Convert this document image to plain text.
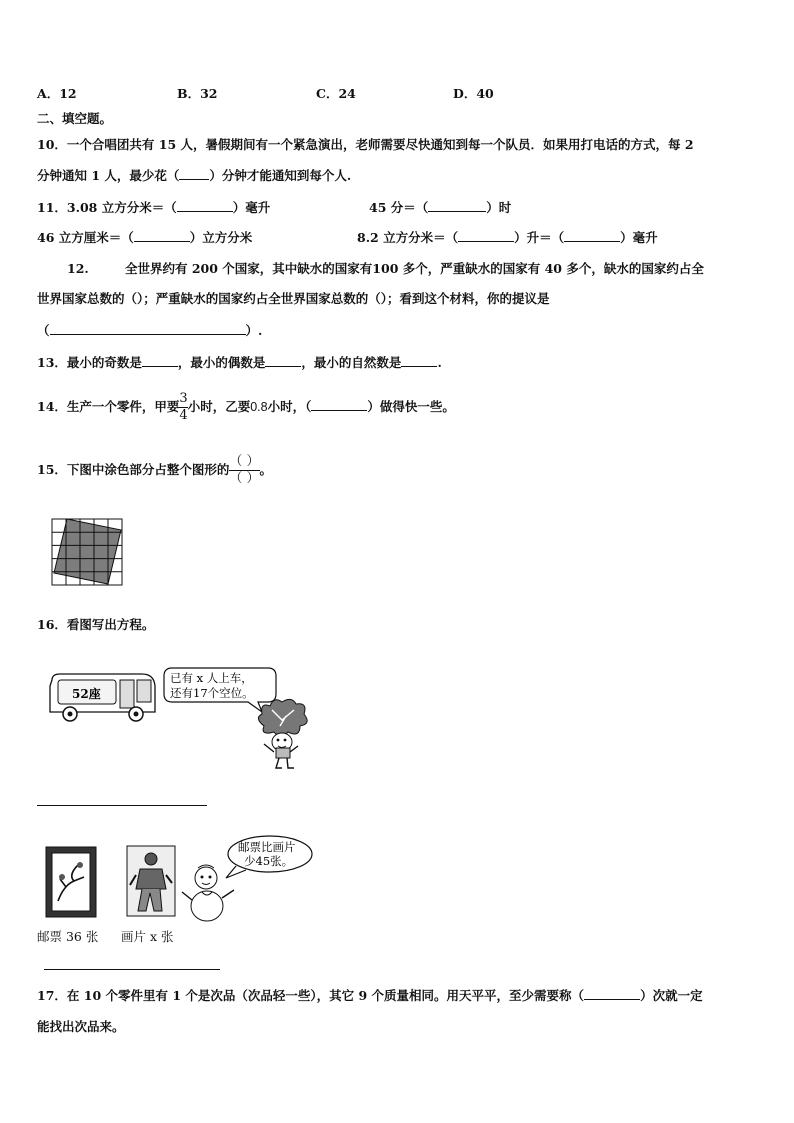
A．12	B．32	C．24	D．40
二、填空题。
10．一个合唱团共有 15 人，暑假期间有一个紧急演出，老师需要尽快通知到每一个队员．如果用打电话的方式，每 2
分钟通知 1 人，最少花（ ）分钟才能通知到每个人.
11．3.08 立方分米＝（	）毫升	45 分＝（	）时
46 立方厘米＝（	）立方分米	8.2 立方分米＝（	）升＝（	）毫升
12.	全世界约有 200 个国家，其中缺水的国家有100 多个，严重缺水的国家有 40 多个，缺水的国家约占全
世界国家总数的（）；严重缺水的国家约占全世界国家总数的（）；看到这个材料，你的提议是
（	）.
13．最小的奇数是	，最小的偶数是	，最小的自然数是	.
14．生产一个零件，甲要 $\frac{3}{4}$ 小时，乙要0.8小时，（	）做得快一些。
15．下图中涂色部分占整个图形的 $\frac{( )}{( )}$ 。
16．看图写出方程。
52座
已有 x 人上车，
还有17个空位。
邮票比画片
少45张。
邮票 36 张 画片 x 张
17．在 10 个零件里有 1 个是次品（次品轻一些），其它 9 个质量相同。用天平平，至少需要称（	）次就一定
能找出次品来。
